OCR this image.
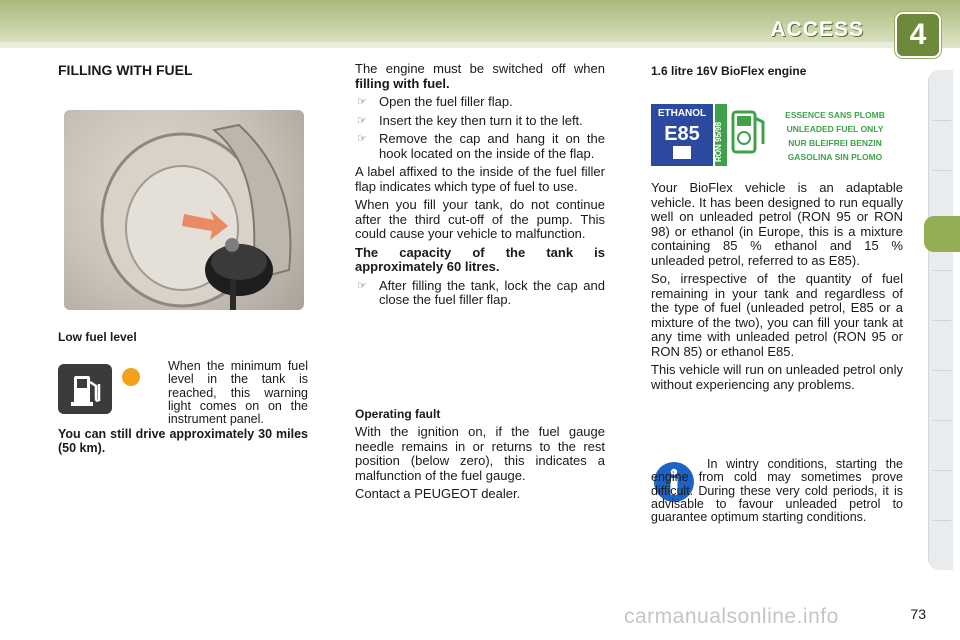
ACCESS	4
FILLING WITH FUEL
Low fuel level
When the minimum fuel level in the tank is reached, this warning light comes on on the instrument panel.
You can still drive approximately 30 miles (50 km).

The engine must be switched off when filling with fuel.

☞ Open the fuel filler flap.
☞ Insert the key then turn it to the left.
☞ Remove the cap and hang it on the hook located on the inside of the flap.

A label affixed to the inside of the fuel filler flap indicates which type of fuel to use.

When you fill your tank, do not continue after the third cut-off of the pump. This could cause your vehicle to malfunction.

The capacity of the tank is approximately 60 litres.

☞ After filling the tank, lock the cap and close the fuel filler flap.
Operating fault

With the ignition on, if the fuel gauge needle remains in or returns to the rest position (below zero), this indicates a malfunction of the fuel gauge.

Contact a PEUGEOT dealer.

1.6 litre 16V BioFlex engine
ETHANOL
E85 RON 95/98
ESSENCE SANS PLOMB
UNLEADED FUEL ONLY
NUR BLEIFREI BENZIN
GASOLINA SIN PLOMO

Your BioFlex vehicle is an adaptable vehicle. It has been designed to run equally well on unleaded petrol (RON 95 or RON 98) or ethanol (in Europe, this is a mixture containing 85 % ethanol and 15 % unleaded petrol, referred to as E85).

So, irrespective of the quantity of fuel remaining in your tank and regardless of the type of fuel (unleaded petrol, E85 or a mixture of the two), you can fill your tank at any time with unleaded petrol (RON 95 or RON 85) or ethanol E85.

This vehicle will run on unleaded petrol only without experiencing any problems.

In wintry conditions, starting the engine from cold may sometimes prove difficult. During these very cold periods, it is advisable to favour unleaded petrol to guarantee optimum starting conditions.

carmanualsonline.info	73
